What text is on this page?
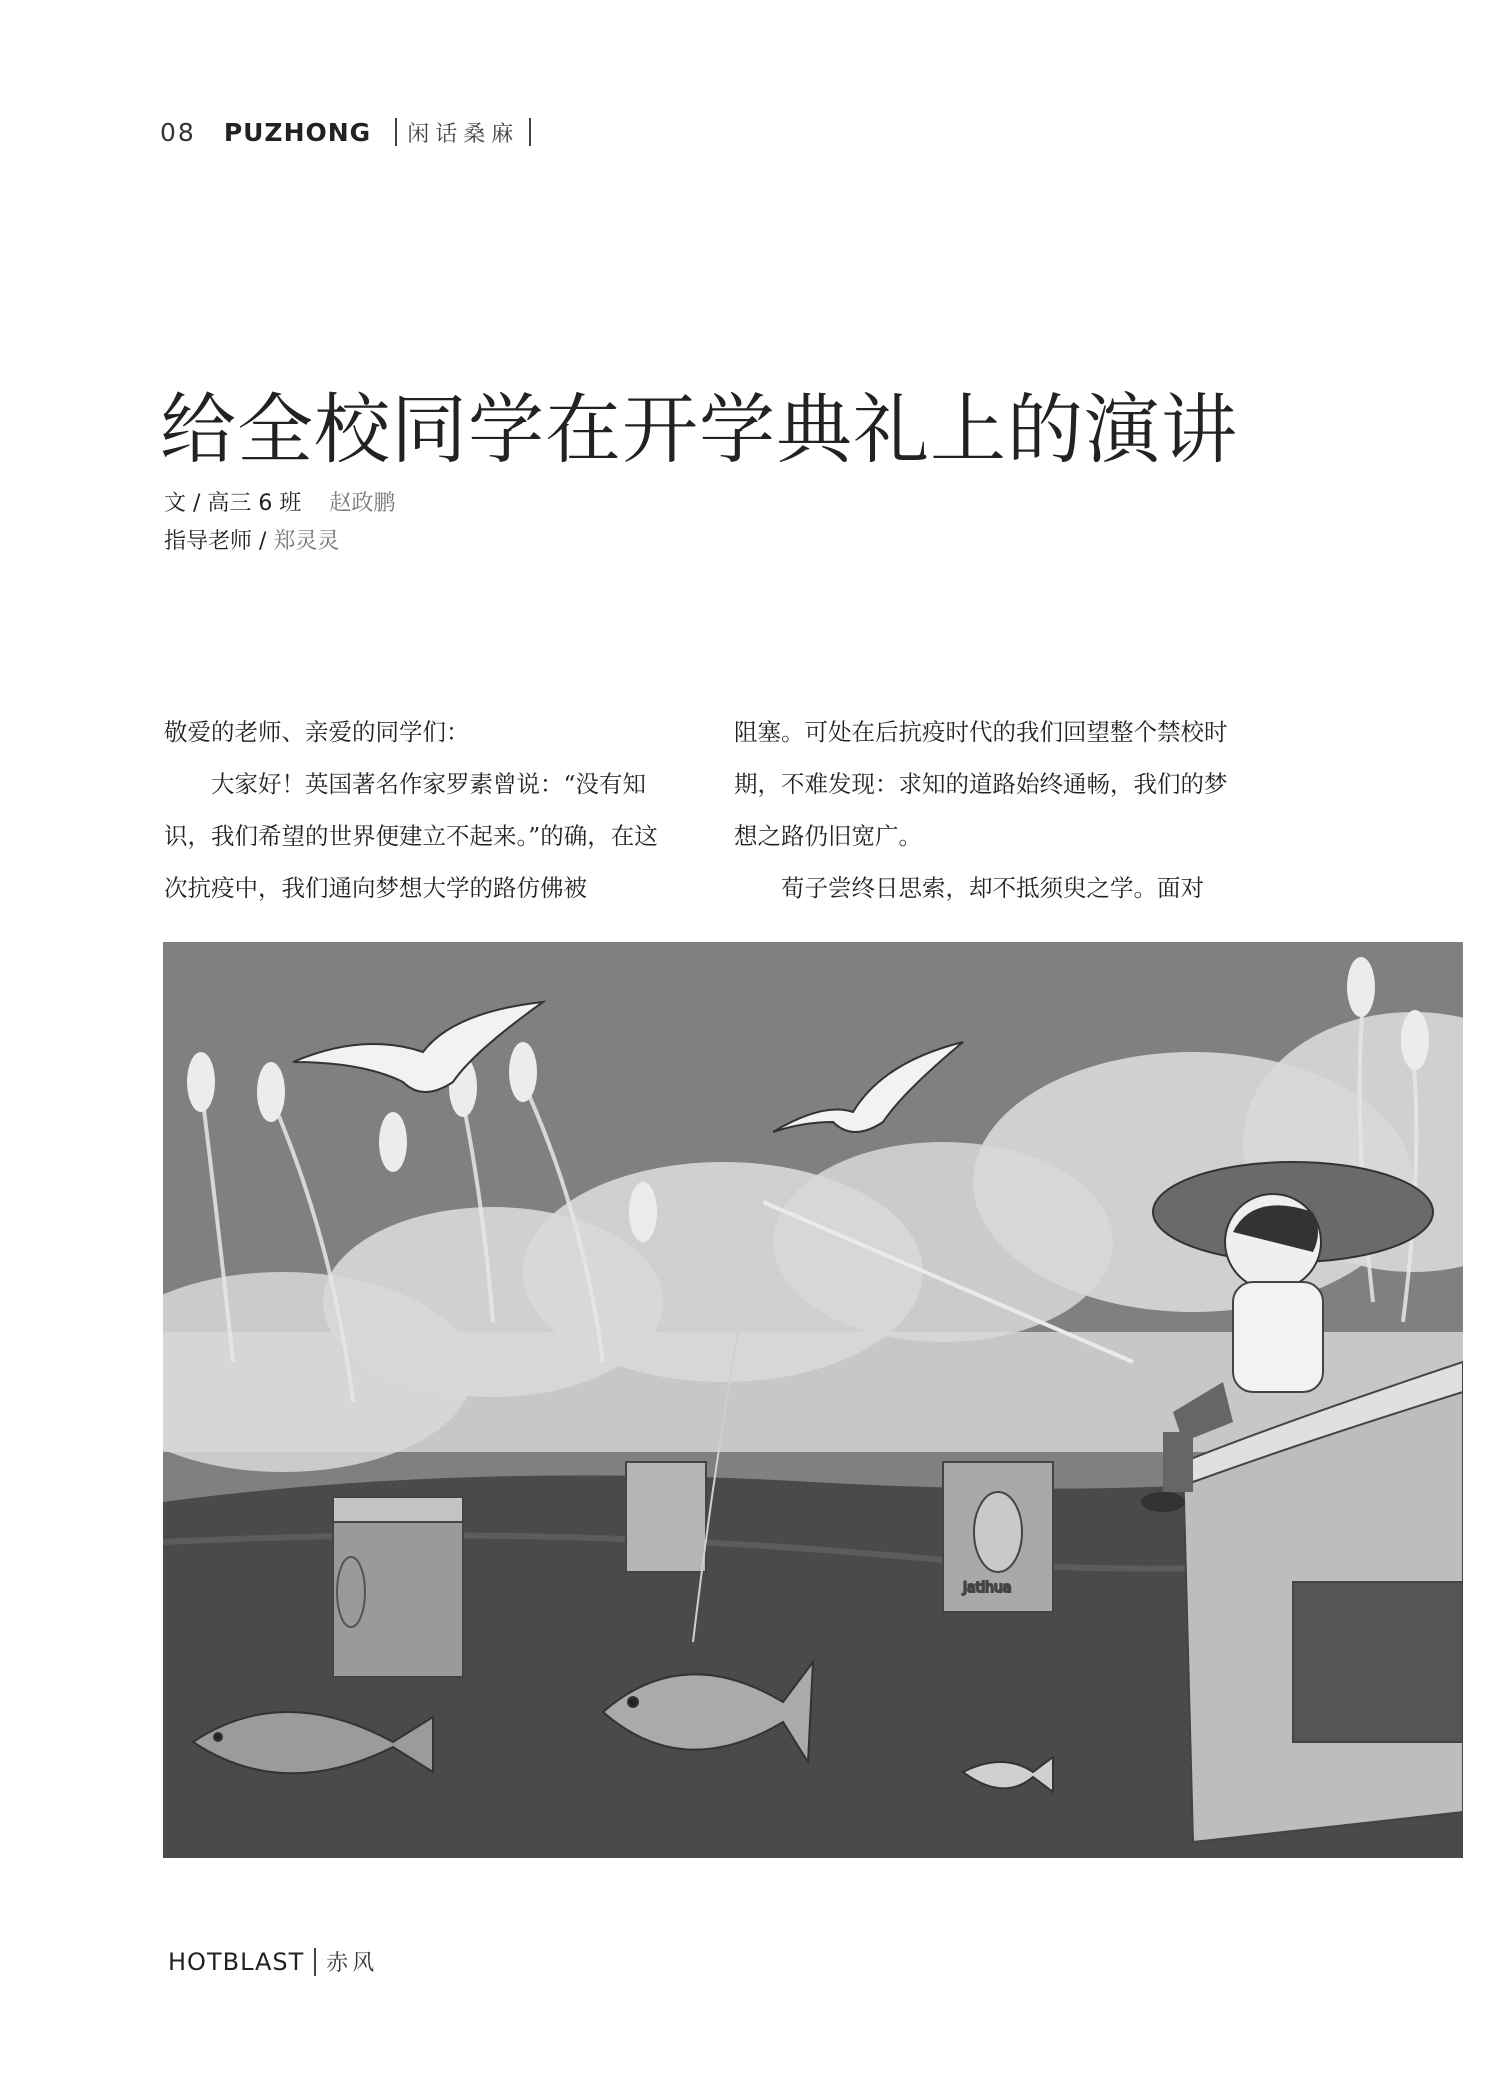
08 PUZHONG 闲话桑麻
给全校同学在开学典礼上的演讲
文 / 高三 6 班 赵政鹏
指导老师 / 郑灵灵

敬爱的老师、亲爱的同学们：

大家好！英国著名作家罗素曾说：“没有知识，我们希望的世界便建立不起来。”的确，在这次抗疫中，我们通向梦想大学的路仿佛被

阻塞。可处在后抗疫时代的我们回望整个禁校时期，不难发现：求知的道路始终通畅，我们的梦想之路仍旧宽广。

荀子尝终日思索，却不抵须臾之学。面对

Jatihua
HOTBLAST 赤风
